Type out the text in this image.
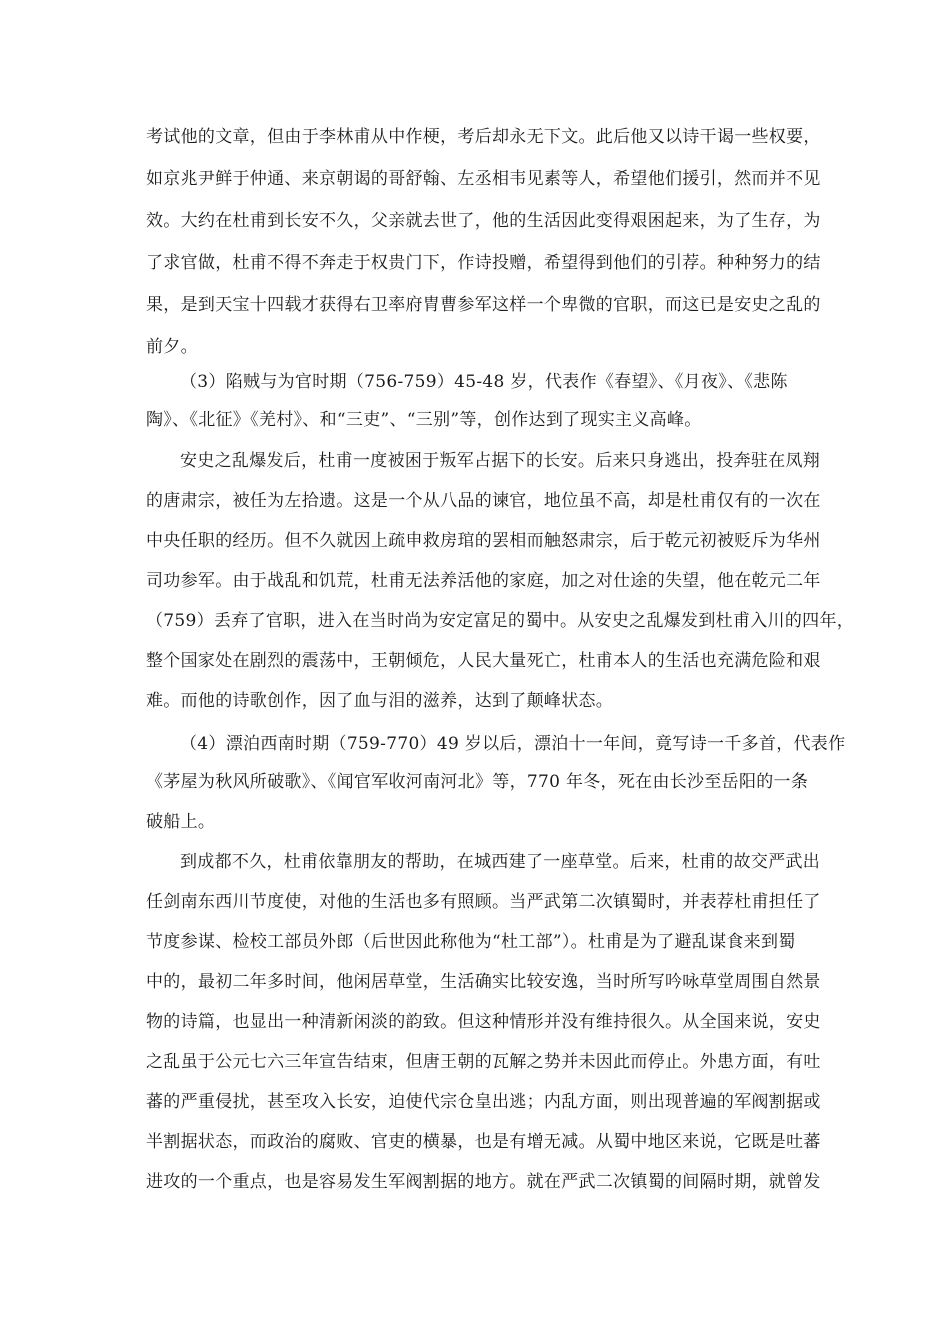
考试他的文章，但由于李林甫从中作梗，考后却永无下文。此后他又以诗干谒一些权要，
如京兆尹鲜于仲通、来京朝谒的哥舒翰、左丞相韦见素等人，希望他们援引，然而并不见
效。大约在杜甫到长安不久，父亲就去世了，他的生活因此变得艰困起来，为了生存，为
了求官做，杜甫不得不奔走于权贵门下，作诗投赠，希望得到他们的引荐。种种努力的结
果，是到天宝十四载才获得右卫率府胄曹参军这样一个卑微的官职，而这已是安史之乱的
前夕。
（3）陷贼与为官时期（756-759）45-48 岁，代表作《春望》、《月夜》、《悲陈
陶》、《北征》《羌村》、和“三吏”、“三别”等，创作达到了现实主义高峰。
安史之乱爆发后，杜甫一度被困于叛军占据下的长安。后来只身逃出，投奔驻在凤翔
的唐肃宗，被任为左拾遗。这是一个从八品的谏官，地位虽不高，却是杜甫仅有的一次在
中央任职的经历。但不久就因上疏申救房琯的罢相而触怒肃宗，后于乾元初被贬斥为华州
司功参军。由于战乱和饥荒，杜甫无法养活他的家庭，加之对仕途的失望，他在乾元二年
（759）丢弃了官职，进入在当时尚为安定富足的蜀中。从安史之乱爆发到杜甫入川的四年，
整个国家处在剧烈的震荡中，王朝倾危，人民大量死亡，杜甫本人的生活也充满危险和艰
难。而他的诗歌创作，因了血与泪的滋养，达到了颠峰状态。
（4）漂泊西南时期（759-770）49 岁以后，漂泊十一年间，竟写诗一千多首，代表作
《茅屋为秋风所破歌》、《闻官军收河南河北》等，770 年冬，死在由长沙至岳阳的一条
破船上。
到成都不久，杜甫依靠朋友的帮助，在城西建了一座草堂。后来，杜甫的故交严武出
任剑南东西川节度使，对他的生活也多有照顾。当严武第二次镇蜀时，并表荐杜甫担任了
节度参谋、检校工部员外郎（后世因此称他为“杜工部”）。杜甫是为了避乱谋食来到蜀
中的，最初二年多时间，他闲居草堂，生活确实比较安逸，当时所写吟咏草堂周围自然景
物的诗篇，也显出一种清新闲淡的韵致。但这种情形并没有维持很久。从全国来说，安史
之乱虽于公元七六三年宣告结束，但唐王朝的瓦解之势并未因此而停止。外患方面，有吐
蕃的严重侵扰，甚至攻入长安，迫使代宗仓皇出逃；内乱方面，则出现普遍的军阀割据或
半割据状态，而政治的腐败、官吏的横暴，也是有增无减。从蜀中地区来说，它既是吐蕃
进攻的一个重点，也是容易发生军阀割据的地方。就在严武二次镇蜀的间隔时期，就曾发
